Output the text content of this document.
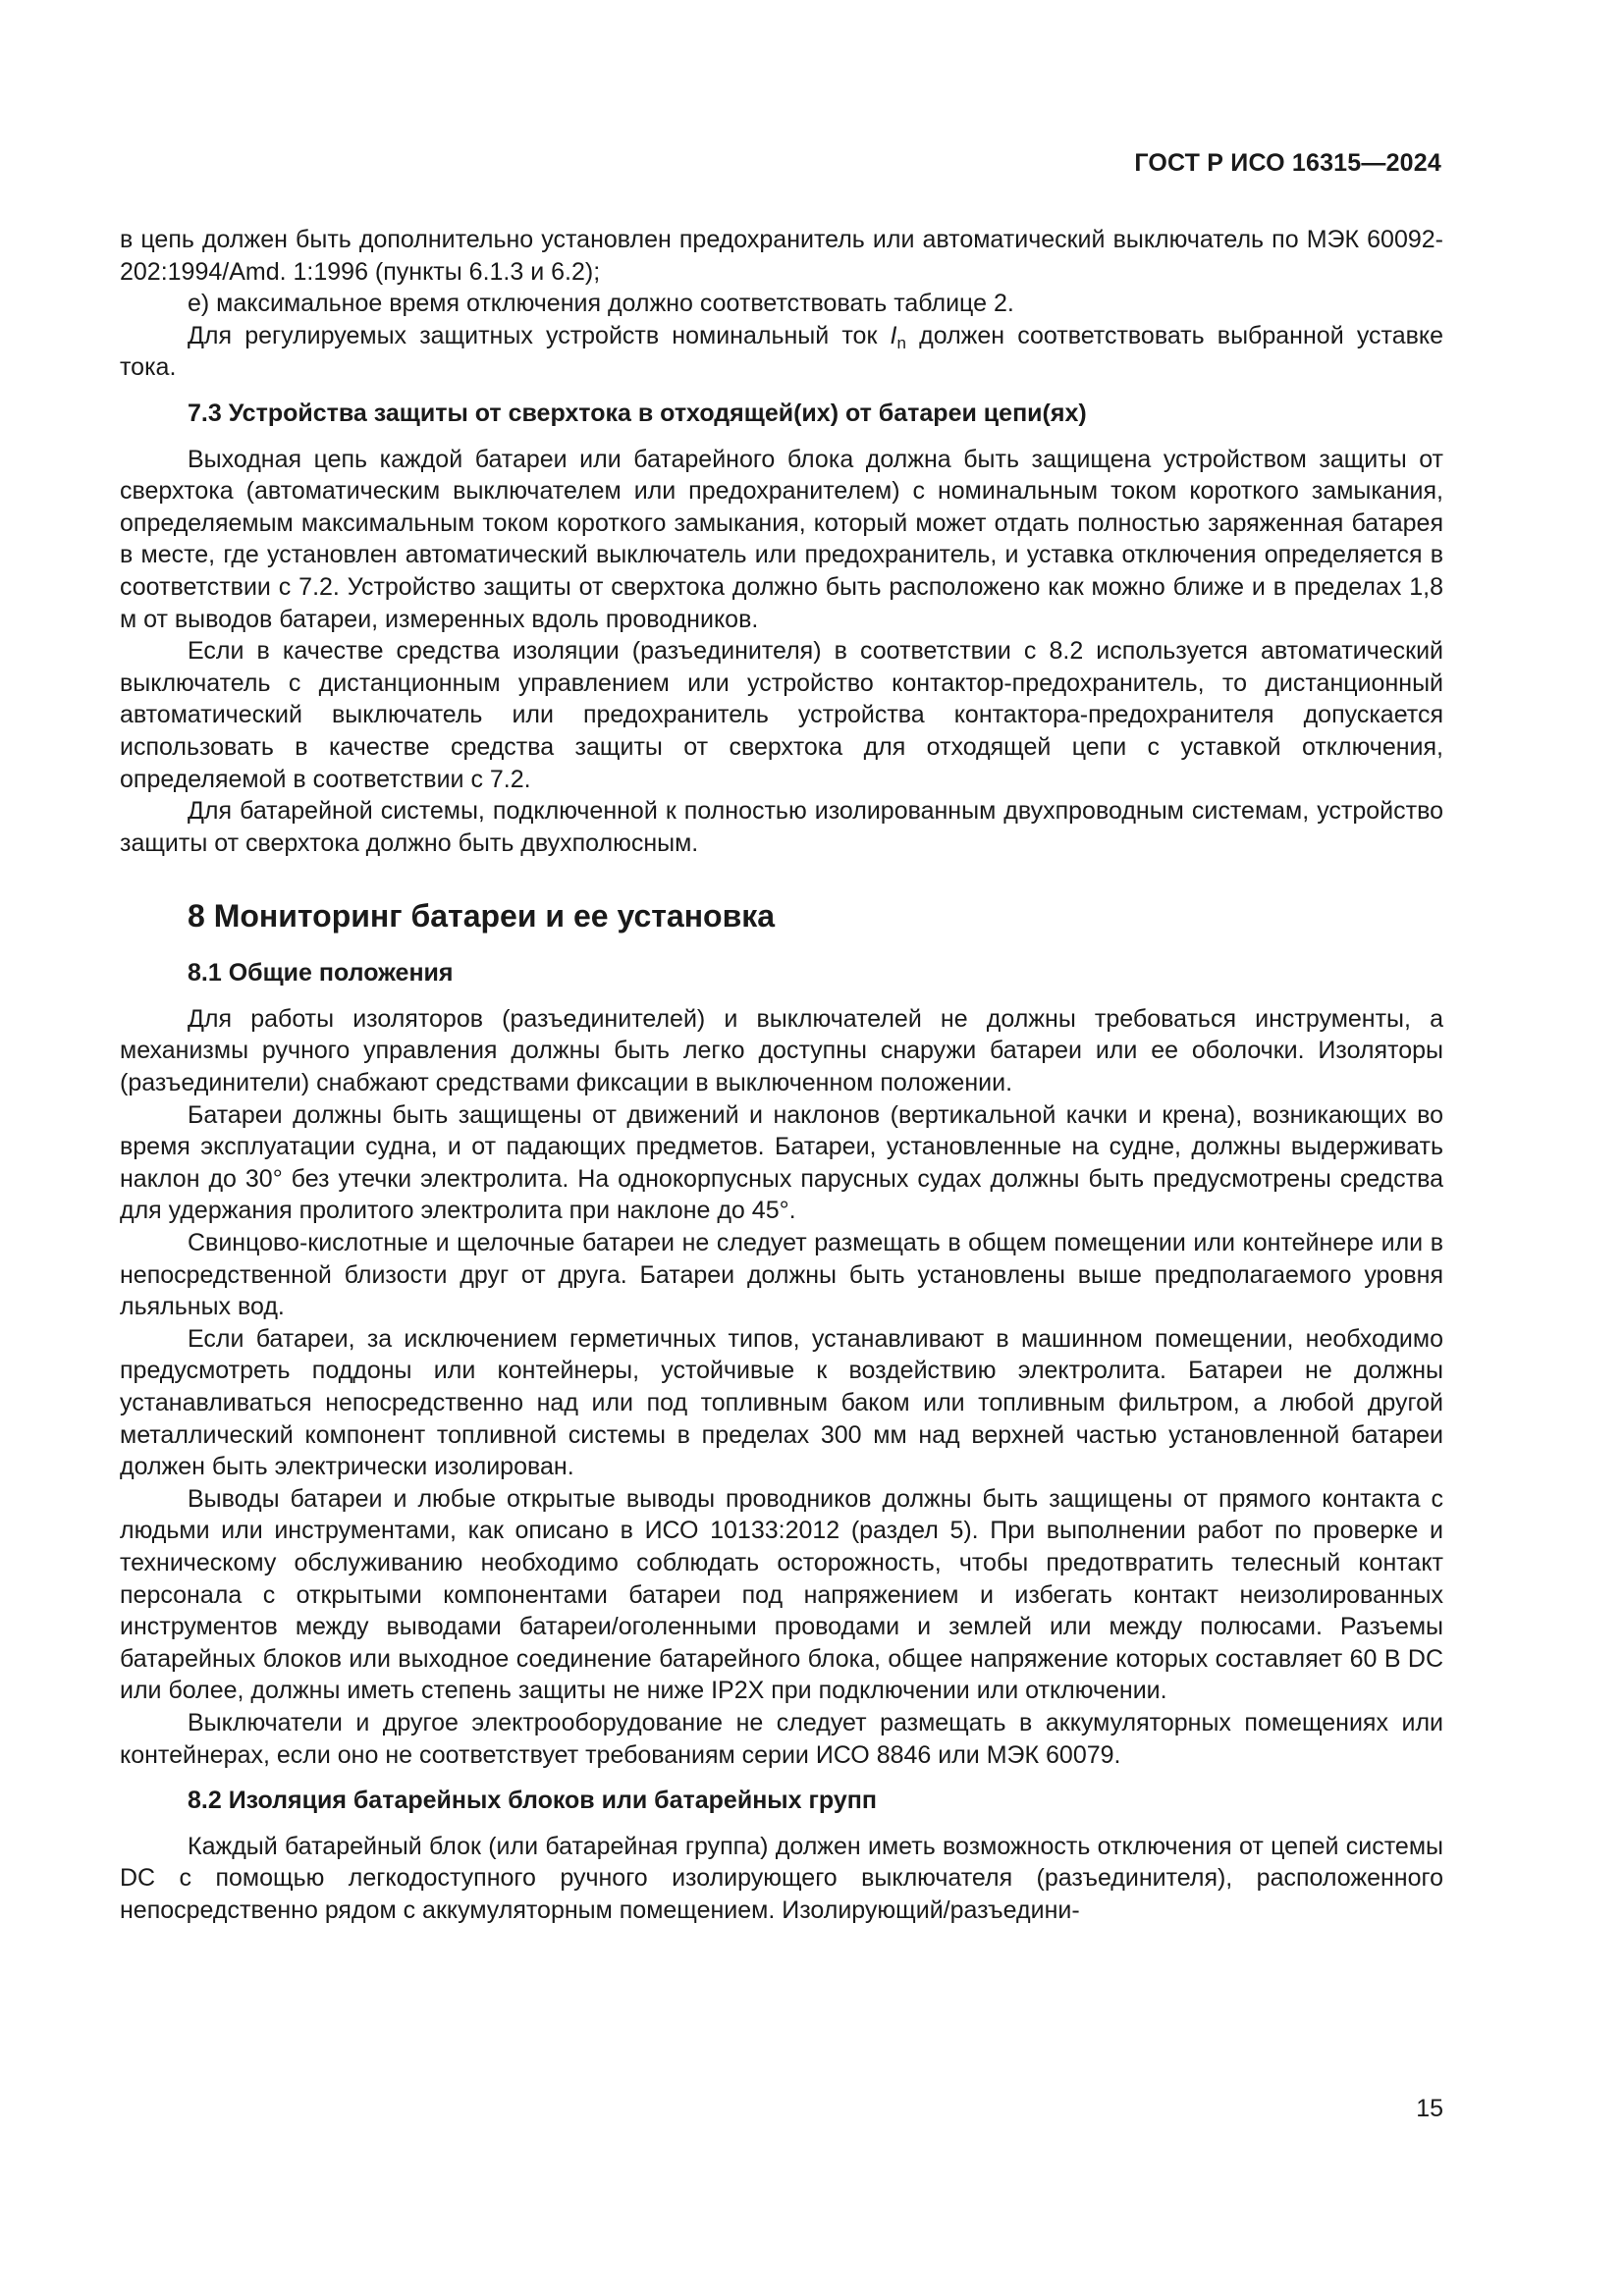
ГОСТ Р ИСО 16315—2024

в цепь должен быть дополнительно установлен предохранитель или автоматический выключатель по МЭК 60092-202:1994/Amd. 1:1996 (пункты 6.1.3 и 6.2);

е) максимальное время отключения должно соответствовать таблице 2.

Для регулируемых защитных устройств номинальный ток $I_n$ должен соответствовать выбранной уставке тока.

7.3 Устройства защиты от сверхтока в отходящей(их) от батареи цепи(ях)

Выходная цепь каждой батареи или батарейного блока должна быть защищена устройством защиты от сверхтока (автоматическим выключателем или предохранителем) с номинальным током короткого замыкания, определяемым максимальным током короткого замыкания, который может отдать полностью заряженная батарея в месте, где установлен автоматический выключатель или предохранитель, и уставка отключения определяется в соответствии с 7.2. Устройство защиты от сверхтока должно быть расположено как можно ближе и в пределах 1,8 м от выводов батареи, измеренных вдоль проводников.

Если в качестве средства изоляции (разъединителя) в соответствии с 8.2 используется автоматический выключатель с дистанционным управлением или устройство контактор-предохранитель, то дистанционный автоматический выключатель или предохранитель устройства контактора-предохранителя допускается использовать в качестве средства защиты от сверхтока для отходящей цепи с уставкой отключения, определяемой в соответствии с 7.2.

Для батарейной системы, подключенной к полностью изолированным двухпроводным системам, устройство защиты от сверхтока должно быть двухполюсным.

8 Мониторинг батареи и ее установка
8.1 Общие положения

Для работы изоляторов (разъединителей) и выключателей не должны требоваться инструменты, а механизмы ручного управления должны быть легко доступны снаружи батареи или ее оболочки. Изоляторы (разъединители) снабжают средствами фиксации в выключенном положении.

Батареи должны быть защищены от движений и наклонов (вертикальной качки и крена), возникающих во время эксплуатации судна, и от падающих предметов. Батареи, установленные на судне, должны выдерживать наклон до 30° без утечки электролита. На однокорпусных парусных судах должны быть предусмотрены средства для удержания пролитого электролита при наклоне до 45°.

Свинцово-кислотные и щелочные батареи не следует размещать в общем помещении или контейнере или в непосредственной близости друг от друга. Батареи должны быть установлены выше предполагаемого уровня льяльных вод.

Если батареи, за исключением герметичных типов, устанавливают в машинном помещении, необходимо предусмотреть поддоны или контейнеры, устойчивые к воздействию электролита. Батареи не должны устанавливаться непосредственно над или под топливным баком или топливным фильтром, а любой другой металлический компонент топливной системы в пределах 300 мм над верхней частью установленной батареи должен быть электрически изолирован.

Выводы батареи и любые открытые выводы проводников должны быть защищены от прямого контакта с людьми или инструментами, как описано в ИСО 10133:2012 (раздел 5). При выполнении работ по проверке и техническому обслуживанию необходимо соблюдать осторожность, чтобы предотвратить телесный контакт персонала с открытыми компонентами батареи под напряжением и избегать контакт неизолированных инструментов между выводами батареи/оголенными проводами и землей или между полюсами. Разъемы батарейных блоков или выходное соединение батарейного блока, общее напряжение которых составляет 60 В DC или более, должны иметь степень защиты не ниже IP2X при подключении или отключении.

Выключатели и другое электрооборудование не следует размещать в аккумуляторных помещениях или контейнерах, если оно не соответствует требованиям серии ИСО 8846 или МЭК 60079.

8.2 Изоляция батарейных блоков или батарейных групп

Каждый батарейный блок (или батарейная группа) должен иметь возможность отключения от цепей системы DC с помощью легкодоступного ручного изолирующего выключателя (разъединителя), расположенного непосредственно рядом с аккумуляторным помещением. Изолирующий/разъедини-

15
